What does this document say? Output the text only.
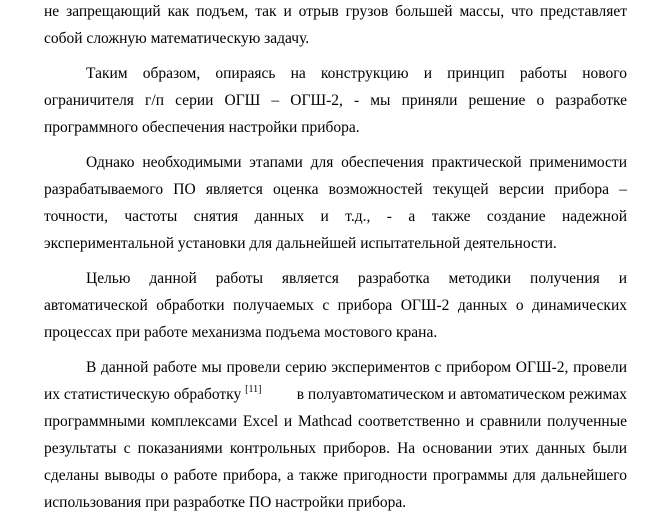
не запрещающий как подъем, так и отрыв грузов большей массы, что представляет
собой сложную математическую задачу.
Таким образом, опираясь на конструкцию и принцип работы нового
ограничителя г/п серии ОГШ – ОГШ-2, - мы приняли решение о разработке
программного обеспечения настройки прибора.
Однако необходимыми этапами для обеспечения практической применимости
разрабатываемого ПО является оценка возможностей текущей версии прибора –
точности, частоты снятия данных и т.д., - а также создание надежной
экспериментальной установки для дальнейшей испытательной деятельности.
Целью данной работы является разработка методики получения и
автоматической обработки получаемых с прибора ОГШ-2 данных о динамических
процессах при работе механизма подъема мостового крана.
В данной работе мы провели серию экспериментов с прибором ОГШ-2, провели
их статистическую обработку [11] в полуавтоматическом и автоматическом режимах
программными комплексами Excel и Mathcad соответственно и сравнили полученные
результаты с показаниями контрольных приборов. На основании этих данных были
сделаны выводы о работе прибора, а также пригодности программы для дальнейшего
использования при разработке ПО настройки прибора.
